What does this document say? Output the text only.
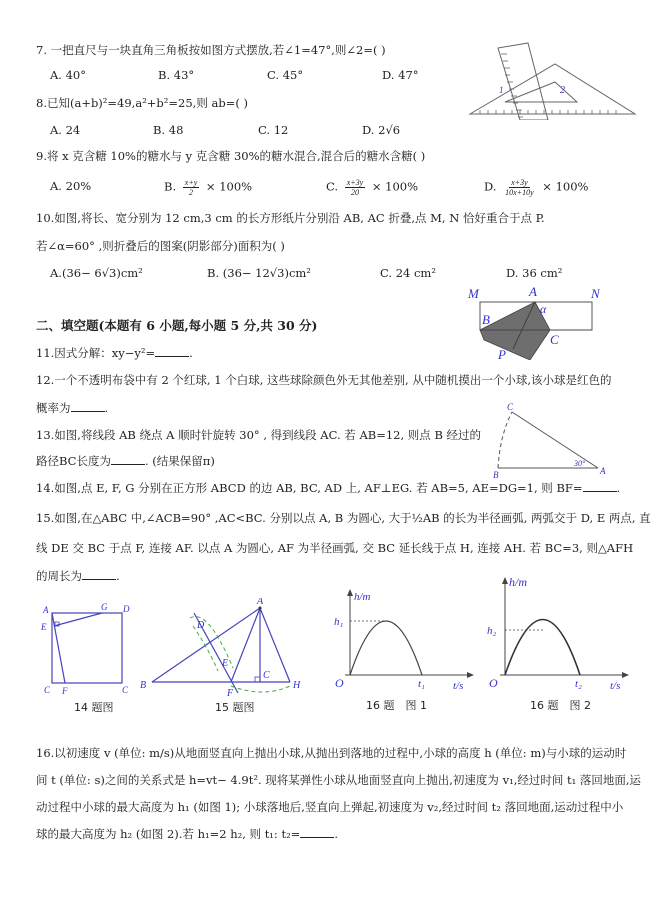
7. 一把直尺与一块直角三角板按如图方式摆放,若∠1=47°,则∠2=( )
A. 40°	B. 43°	C. 45°	D. 47°
1	2
8.已知(a+b)²=49,a²+b²=25,则 ab=( )
A. 24	B. 48	C. 12	D. 2√6
9.将 x 克含糖 10%的糖水与 y 克含糖 30%的糖水混合,混合后的糖水含糖( )
A. 20%	B. $\frac{x+y}{2} \times 100\%$	C. $\frac{x+3y}{20} \times 100\%$	D. $\frac{x+3y}{10x+10y} \times 100\%$
10.如图,将长、宽分别为 12 cm,3 cm 的长方形纸片分别沿 AB, AC 折叠,点 M, N 恰好重合于点 P.
若∠α=60° ,则折叠后的图案(阴影部分)面积为( )
A.(36− 6√3)cm²	B. (36− 12√3)cm²	C. 24 cm²	D. 36 cm²
M	A	N
B
C
P
α
二、填空题(本题有 6 小题,每小题 5 分,共 30 分)
11.因式分解：xy−y²=	.
12.一个不透明布袋中有 2 个红球, 1 个白球, 这些球除颜色外无其他差别, 从中随机摸出一个小球,该小球是红色的
概率为	.
13.如图,将线段 AB 绕点 A 顺时针旋转 30° , 得到线段 AC. 若 AB=12, 则点 B 经过的
路径BC长度为	. (结果保留π)
C
B	A
30°
14.如图,点 E, F, G 分别在正方形 ABCD 的边 AB, BC, AD 上, AF⊥EG. 若 AB=5, AE=DG=1, 则 BF=	.
15.如图,在△ABC 中,∠ACB=90° ,AC<BC. 分别以点 A, B 为圆心, 大于½AB 的长为半径画弧, 两弧交于 D, E 两点, 直
线 DE 交 BC 于点 F, 连接 AF. 以点 A 为圆心, AF 为半径画弧, 交 BC 延长线于点 H, 连接 AH. 若 BC=3, 则△AFH
的周长为	.
A	G D
E
C F	C
14 题图
A
D
E
B
F
C
H
15 题图
h/m
h₁
O	t₁	t/s
16 题　图 1
h/m
h₂
O	t₂	t/s
16 题　图 2
16.以初速度 v (单位: m/s)从地面竖直向上抛出小球,从抛出到落地的过程中,小球的高度 h (单位: m)与小球的运动时
间 t (单位: s)之间的关系式是 h=vt− 4.9t². 现将某弹性小球从地面竖直向上抛出,初速度为 v₁,经过时间 t₁ 落回地面,运
动过程中小球的最大高度为 h₁ (如图 1); 小球落地后,竖直向上弹起,初速度为 v₂,经过时间 t₂ 落回地面,运动过程中小
球的最大高度为 h₂ (如图 2).若 h₁=2 h₂, 则 t₁: t₂=	.
